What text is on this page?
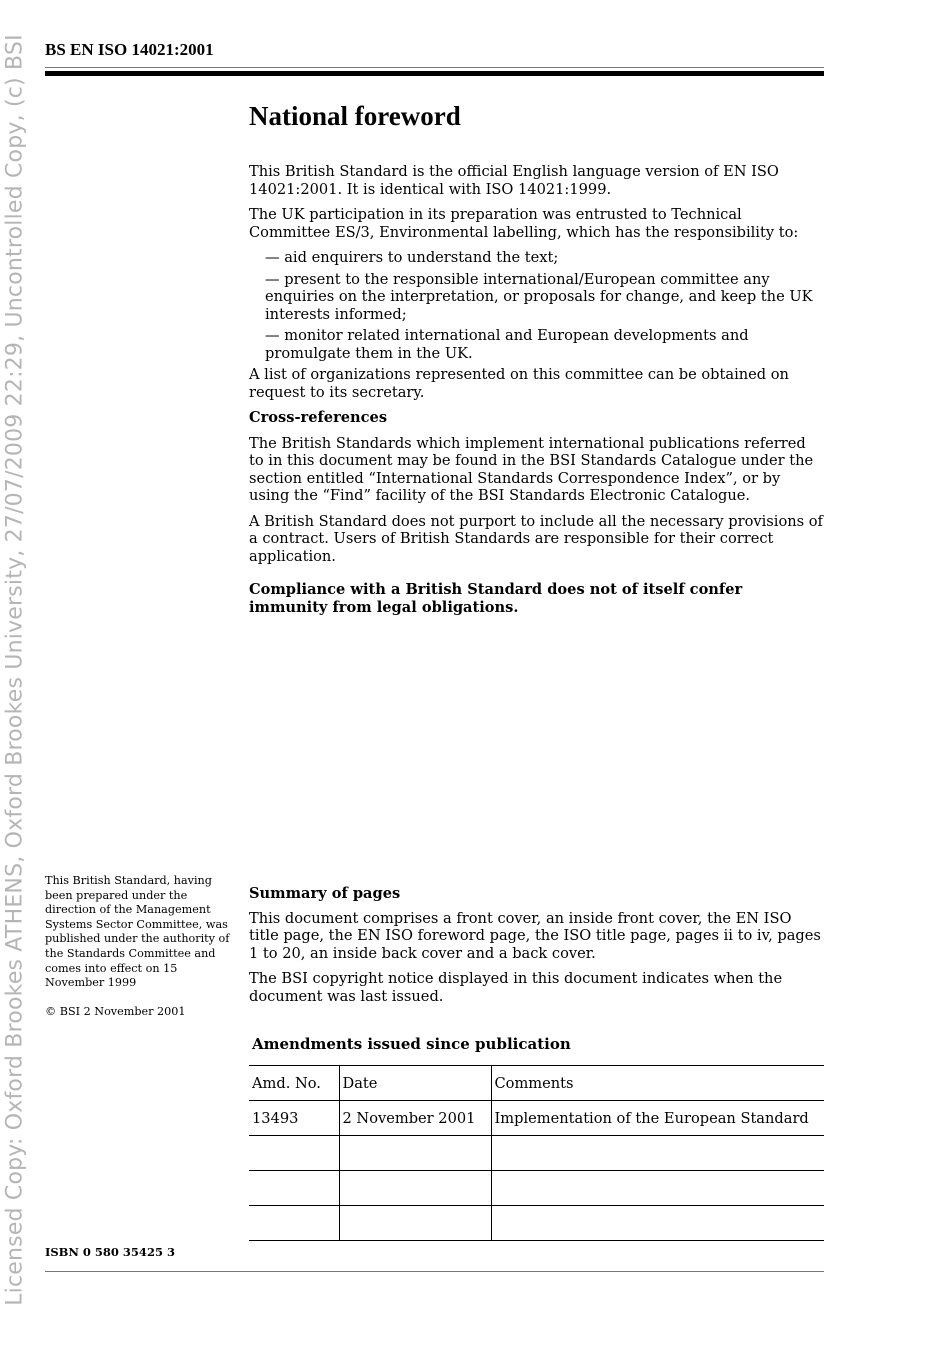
Licensed Copy: Oxford Brookes ATHENS, Oxford Brookes University, 27/07/2009 22:29, Uncontrolled Copy, (c) BSI BS EN ISO 14021:2001
National foreword

This British Standard is the official English language version of EN ISO 14021:2001. It is identical with ISO 14021:1999.

The UK participation in its preparation was entrusted to Technical Committee ES/3, Environmental labelling, which has the responsibility to:

— aid enquirers to understand the text;
— present to the responsible international/European committee any enquiries on the interpretation, or proposals for change, and keep the UK interests informed;
— monitor related international and European developments and promulgate them in the UK.

A list of organizations represented on this committee can be obtained on request to its secretary.

Cross-references

The British Standards which implement international publications referred to in this document may be found in the BSI Standards Catalogue under the section entitled “International Standards Correspondence Index”, or by using the “Find” facility of the BSI Standards Electronic Catalogue.

A British Standard does not purport to include all the necessary provisions of a contract. Users of British Standards are responsible for their correct application.

Compliance with a British Standard does not of itself confer immunity from legal obligations.

This British Standard, having been prepared under the direction of the Management Systems Sector Committee, was published under the authority of the Standards Committee and comes into effect on 15 November 1999

© BSI 2 November 2001

Summary of pages

This document comprises a front cover, an inside front cover, the EN ISO title page, the EN ISO foreword page, the ISO title page, pages ii to iv, pages 1 to 20, an inside back cover and a back cover.

The BSI copyright notice displayed in this document indicates when the document was last issued.

Amendments issued since publication
Amd. No.	Date	Comments
13493	2 November 2001	Implementation of the European Standard

ISBN 0 580 35425 3
